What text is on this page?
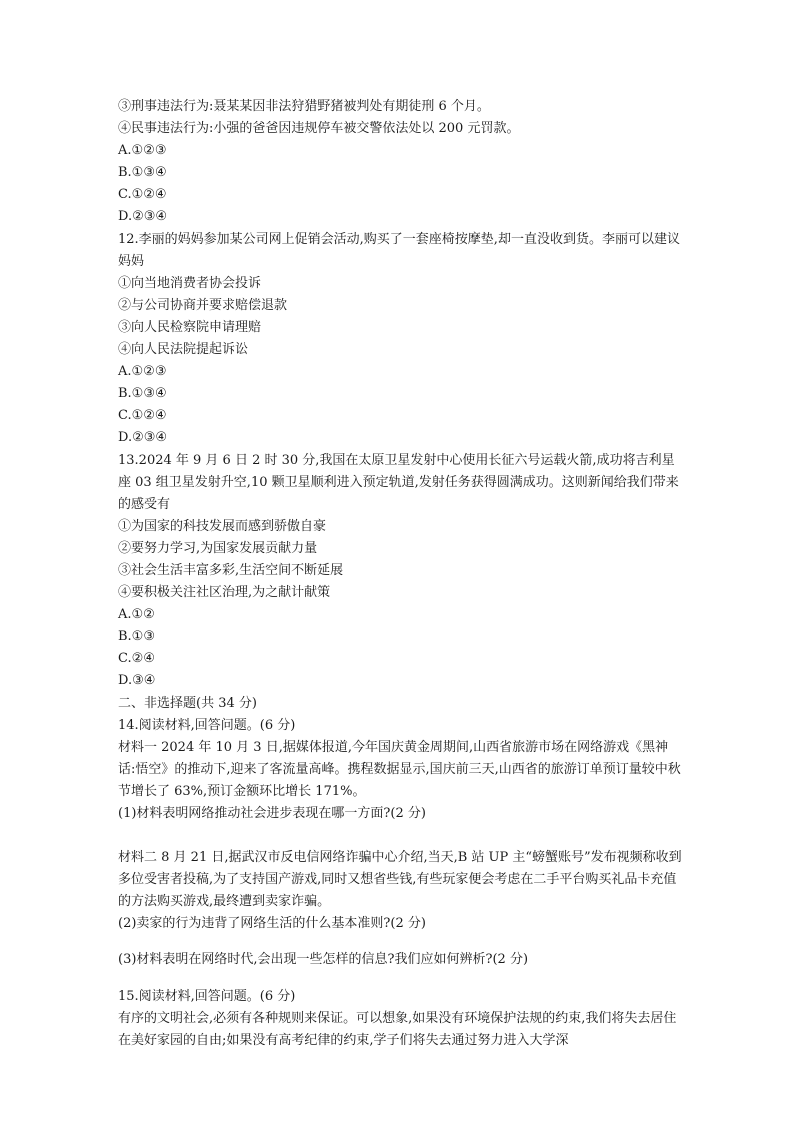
③刑事违法行为:聂某某因非法狩猎野猪被判处有期徒刑 6 个月。
④民事违法行为:小强的爸爸因违规停车被交警依法处以 200 元罚款。
A.①②③
B.①③④
C.①②④
D.②③④
12.李丽的妈妈参加某公司网上促销会活动,购买了一套座椅按摩垫,却一直没收到货。李丽可以建议妈妈
①向当地消费者协会投诉
②与公司协商并要求赔偿退款
③向人民检察院申请理赔
④向人民法院提起诉讼
A.①②③
B.①③④
C.①②④
D.②③④
13.2024 年 9 月 6 日 2 时 30 分,我国在太原卫星发射中心使用长征六号运载火箭,成功将吉利星座 03 组卫星发射升空,10 颗卫星顺利进入预定轨道,发射任务获得圆满成功。这则新闻给我们带来的感受有
①为国家的科技发展而感到骄傲自豪
②要努力学习,为国家发展贡献力量
③社会生活丰富多彩,生活空间不断延展
④要积极关注社区治理,为之献计献策
A.①②
B.①③
C.②④
D.③④
二、非选择题(共 34 分)
14.阅读材料,回答问题。(6 分)
材料一 2024 年 10 月 3 日,据媒体报道,今年国庆黄金周期间,山西省旅游市场在网络游戏《黑神话:悟空》的推动下,迎来了客流量高峰。携程数据显示,国庆前三天,山西省的旅游订单预订量较中秋节增长了 63%,预订金额环比增长 171%。
(1)材料表明网络推动社会进步表现在哪一方面?(2 分)
材料二 8 月 21 日,据武汉市反电信网络诈骗中心介绍,当天,B 站 UP 主“螃蟹账号”发布视频称收到多位受害者投稿,为了支持国产游戏,同时又想省些钱,有些玩家便会考虑在二手平台购买礼品卡充值的方法购买游戏,最终遭到卖家诈骗。
(2)卖家的行为违背了网络生活的什么基本准则?(2 分)
(3)材料表明在网络时代,会出现一些怎样的信息?我们应如何辨析?(2 分)
15.阅读材料,回答问题。(6 分)
有序的文明社会,必须有各种规则来保证。可以想象,如果没有环境保护法规的约束,我们将失去居住在美好家园的自由;如果没有高考纪律的约束,学子们将失去通过努力进入大学深
